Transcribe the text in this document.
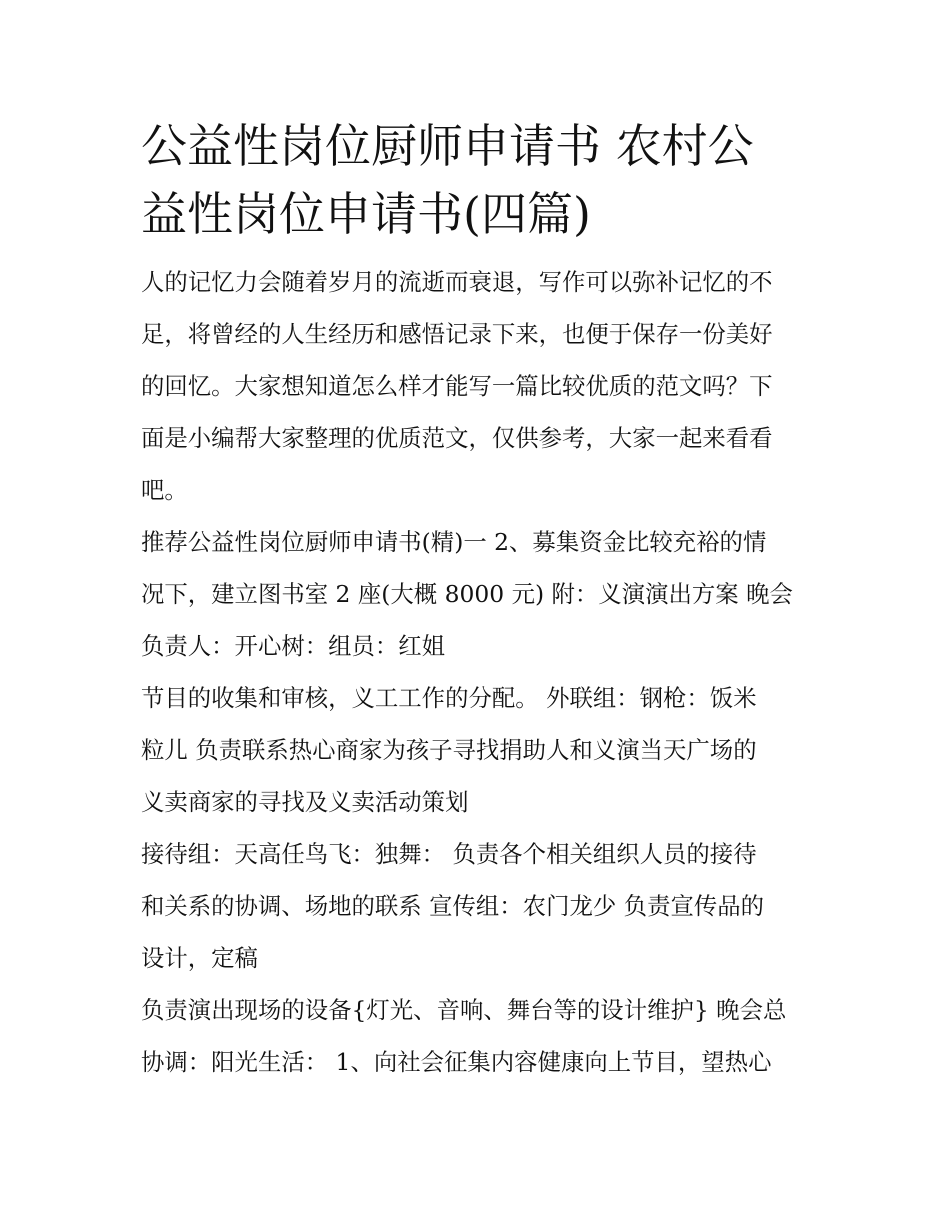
公益性岗位厨师申请书 农村公
益性岗位申请书(四篇)
人的记忆力会随着岁月的流逝而衰退，写作可以弥补记忆的不
足，将曾经的人生经历和感悟记录下来，也便于保存一份美好
的回忆。大家想知道怎么样才能写一篇比较优质的范文吗？下
面是小编帮大家整理的优质范文，仅供参考，大家一起来看看
吧。
推荐公益性岗位厨师申请书(精)一 2、募集资金比较充裕的情
况下，建立图书室 2 座(大概 8000 元) 附：义演演出方案 晚会
负责人：开心树：组员：红姐
节目的收集和审核，义工工作的分配。 外联组：钢枪：饭米
粒儿 负责联系热心商家为孩子寻找捐助人和义演当天广场的
义卖商家的寻找及义卖活动策划
接待组：天高任鸟飞：独舞： 负责各个相关组织人员的接待
和关系的协调、场地的联系 宣传组：农门龙少 负责宣传品的
设计，定稿
负责演出现场的设备{灯光、音响、舞台等的设计维护} 晚会总
协调：阳光生活： 1、向社会征集内容健康向上节目，望热心
